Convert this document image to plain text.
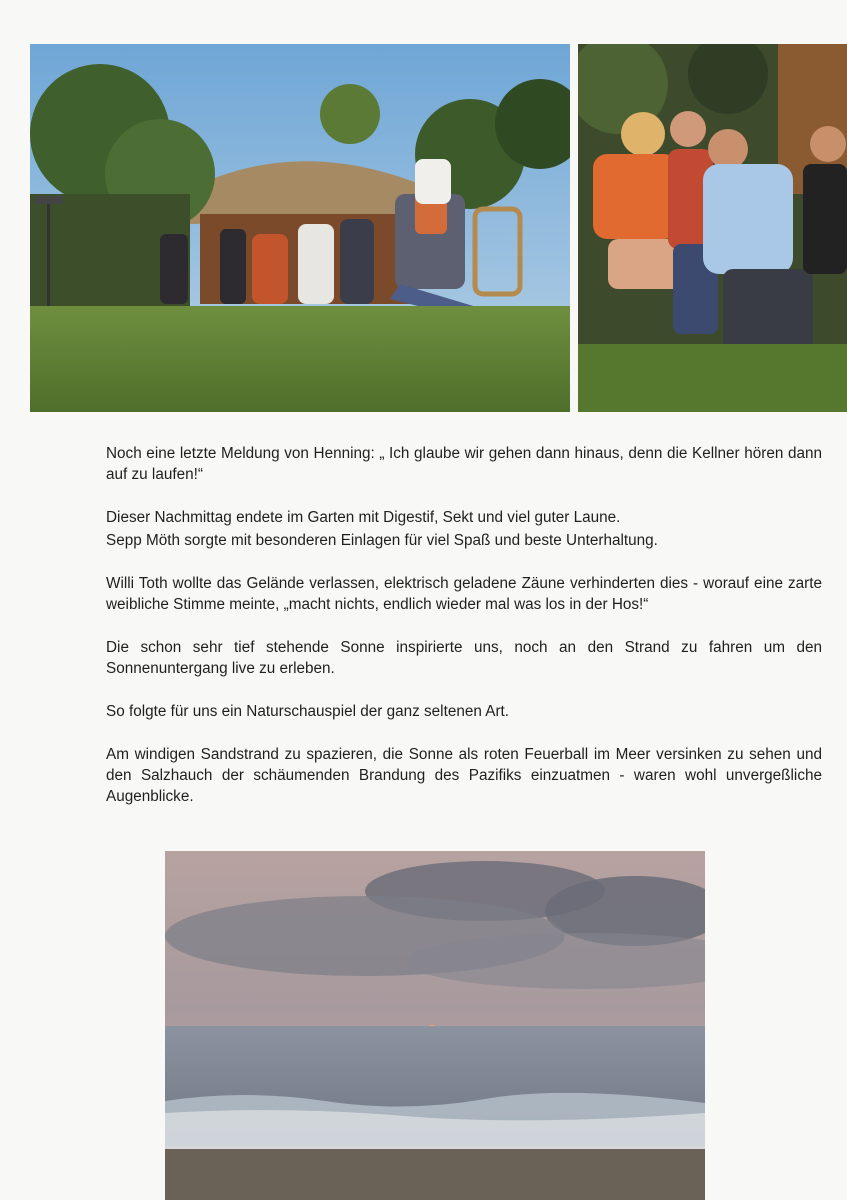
Noch eine letzte Meldung von Henning: „ Ich glaube wir gehen dann hinaus, denn die Kellner hören dann auf zu laufen!“

Dieser Nachmittag endete im Garten mit Digestif, Sekt und viel guter Laune.

Sepp Möth sorgte mit besonderen Einlagen für viel Spaß und beste Unterhaltung.

Willi Toth wollte das Gelände verlassen, elektrisch geladene Zäune verhinderten dies - worauf eine zarte weibliche Stimme meinte, „macht nichts, endlich wieder mal was los in der Hos!“

Die schon sehr tief stehende Sonne inspirierte uns, noch an den Strand zu fahren um den Sonnenuntergang live zu erleben.

So folgte für uns ein Naturschauspiel der ganz seltenen Art.

Am windigen Sandstrand zu spazieren, die Sonne als roten Feuerball im Meer versinken zu sehen und den Salzhauch der schäumenden Brandung des Pazifiks einzuatmen - waren wohl unvergeßliche Augenblicke.
